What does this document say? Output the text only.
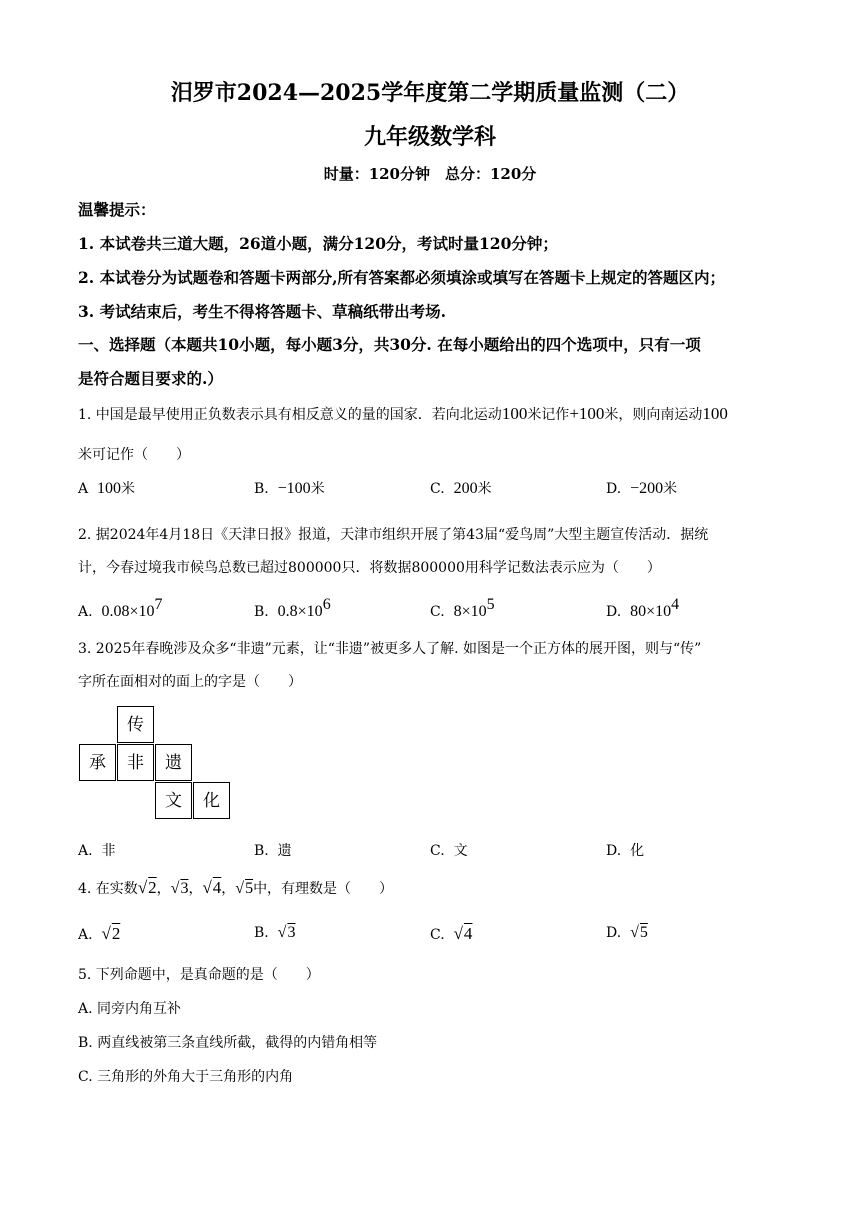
汨罗市2024—2025学年度第二学期质量监测（二）
九年级数学科
时量：120分钟　总分：120分
温馨提示：
1. 本试卷共三道大题，26道小题，满分120分，考试时量120分钟；
2. 本试卷分为试题卷和答题卡两部分,所有答案都必须填涂或填写在答题卡上规定的答题区内；
3. 考试结束后，考生不得将答题卡、草稿纸带出考场.
一、选择题（本题共10小题，每小题3分，共30分. 在每小题给出的四个选项中，只有一项
是符合题目要求的.）
1. 中国是最早使用正负数表示具有相反意义的量的国家．若向北运动100米记作+100米，则向南运动100
米可记作（　　）
A 100米	B. −100米	C. 200米	D. −200米
2. 据2024年4月18日《天津日报》报道，天津市组织开展了第43届“爱鸟周”大型主题宣传活动．据统
计，今春过境我市候鸟总数已超过800000只．将数据800000用科学记数法表示应为（　　）
A. $0.08\times 10^7$	B. $0.8\times 10^6$	C. $8\times 10^5$	D. $80\times 10^4$
3. 2025年春晚涉及众多“非遗”元素，让“非遗”被更多人了解. 如图是一个正方体的展开图，则与“传”
字所在面相对的面上的字是（　　）
传
承	非	遗
文	化
A. 非	B. 遗	C. 文	D. 化
4. 在实数√2，√3，√4，√5中，有理数是（　　）
A. √2	B. √3	C. √4	D. √5
5. 下列命题中，是真命题的是（　　）
A. 同旁内角互补
B. 两直线被第三条直线所截，截得的内错角相等
C. 三角形的外角大于三角形的内角
